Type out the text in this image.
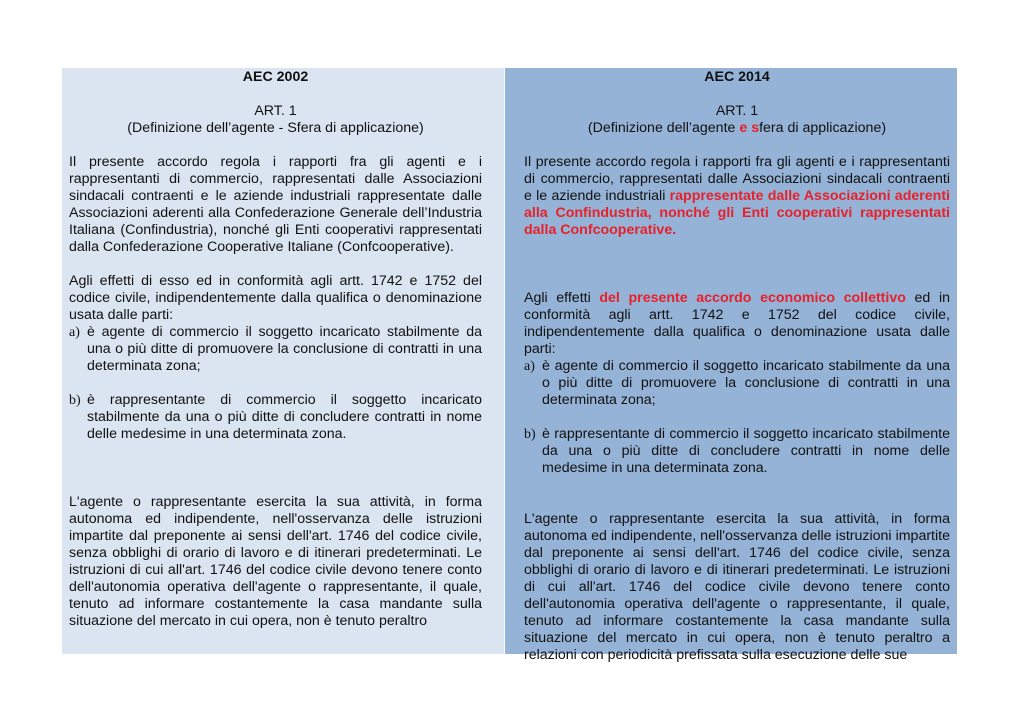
AEC 2002
ART. 1
(Definizione dell’agente - Sfera di applicazione)
Il presente accordo regola i rapporti fra gli agenti e i rappresentanti di commercio, rappresentati dalle Associazioni sindacali contraenti e le aziende industriali rappresentate dalle Associazioni aderenti alla Confederazione Generale dell’Industria Italiana (Confindustria), nonché gli Enti cooperativi rappresentati dalla Confederazione Cooperative Italiane (Confcooperative).
Agli effetti di esso ed in conformità agli artt. 1742 e 1752 del codice civile, indipendentemente dalla qualifica o denominazione usata dalle parti:
a) è agente di commercio il soggetto incaricato stabilmente da una o più ditte di promuovere la conclusione di contratti in una determinata zona;
b) è rappresentante di commercio il soggetto incaricato stabilmente da una o più ditte di concludere contratti in nome delle medesime in una determinata zona.
L'agente o rappresentante esercita la sua attività, in forma autonoma ed indipendente, nell'osservanza delle istruzioni impartite dal preponente ai sensi dell'art. 1746 del codice civile, senza obblighi di orario di lavoro e di itinerari predeterminati. Le istruzioni di cui all'art. 1746 del codice civile devono tenere conto dell'autonomia operativa dell'agente o rappresentante, il quale, tenuto ad informare costantemente la casa mandante sulla situazione del mercato in cui opera, non è tenuto peraltro
AEC 2014
ART. 1
(Definizione dell’agente e sfera di applicazione)
Il presente accordo regola i rapporti fra gli agenti e i rappresentanti di commercio, rappresentati dalle Associazioni sindacali contraenti e le aziende industriali rappresentate dalle Associazioni aderenti alla Confindustria, nonché gli Enti cooperativi rappresentati dalla Confcooperative.
Agli effetti del presente accordo economico collettivo ed in conformità agli artt. 1742 e 1752 del codice civile, indipendentemente dalla qualifica o denominazione usata dalle parti:
a) è agente di commercio il soggetto incaricato stabilmente da una o più ditte di promuovere la conclusione di contratti in una determinata zona;
b) è rappresentante di commercio il soggetto incaricato stabilmente da una o più ditte di concludere contratti in nome delle medesime in una determinata zona.
L'agente o rappresentante esercita la sua attività, in forma autonoma ed indipendente, nell'osservanza delle istruzioni impartite dal preponente ai sensi dell'art. 1746 del codice civile, senza obblighi di orario di lavoro e di itinerari predeterminati. Le istruzioni di cui all'art. 1746 del codice civile devono tenere conto dell'autonomia operativa dell'agente o rappresentante, il quale, tenuto ad informare costantemente la casa mandante sulla situazione del mercato in cui opera, non è tenuto peraltro a relazioni con periodicità prefissata sulla esecuzione delle sue
